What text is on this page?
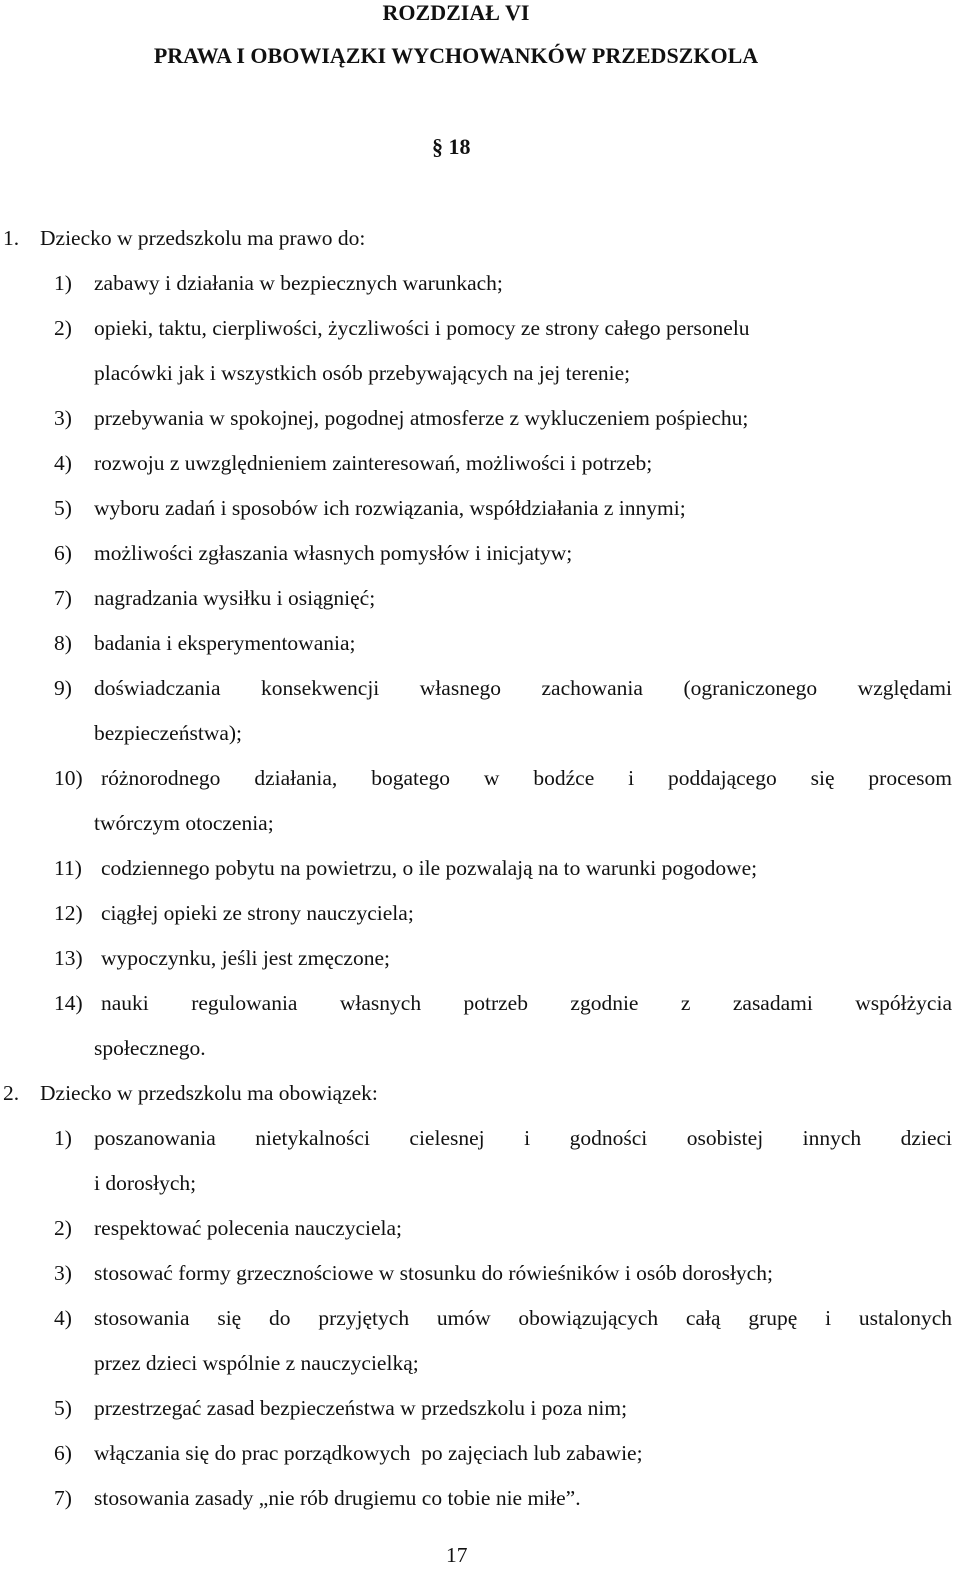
ROZDZIAŁ VI
PRAWA I OBOWIĄZKI WYCHOWANKÓW PRZEDSZKOLA
§ 18
1. Dziecko w przedszkolu ma prawo do:
1) zabawy i działania w bezpiecznych warunkach;
2) opieki, taktu, cierpliwości, życzliwości i pomocy ze strony całego personelu
placówki jak i wszystkich osób przebywających na jej terenie;
3) przebywania w spokojnej, pogodnej atmosferze z wykluczeniem pośpiechu;
4) rozwoju z uwzględnieniem zainteresowań, możliwości i potrzeb;
5) wyboru zadań i sposobów ich rozwiązania, współdziałania z innymi;
6) możliwości zgłaszania własnych pomysłów i inicjatyw;
7) nagradzania wysiłku i osiągnięć;
8) badania i eksperymentowania;
9) doświadczania konsekwencji własnego zachowania (ograniczonego względami
bezpieczeństwa);
10) różnorodnego działania, bogatego w bodźce i poddającego się procesom
twórczym otoczenia;
11) codziennego pobytu na powietrzu, o ile pozwalają na to warunki pogodowe;
12) ciągłej opieki ze strony nauczyciela;
13) wypoczynku, jeśli jest zmęczone;
14) nauki regulowania własnych potrzeb zgodnie z zasadami współżycia
społecznego.
2. Dziecko w przedszkolu ma obowiązek:
1) poszanowania nietykalności cielesnej i godności osobistej innych dzieci
i dorosłych;
2) respektować polecenia nauczyciela;
3) stosować formy grzecznościowe w stosunku do rówieśników i osób dorosłych;
4) stosowania się do przyjętych umów obowiązujących całą grupę i ustalonych
przez dzieci wspólnie z nauczycielką;
5) przestrzegać zasad bezpieczeństwa w przedszkolu i poza nim;
6) włączania się do prac porządkowych  po zajęciach lub zabawie;
7) stosowania zasady „nie rób drugiemu co tobie nie miłe”.
17
